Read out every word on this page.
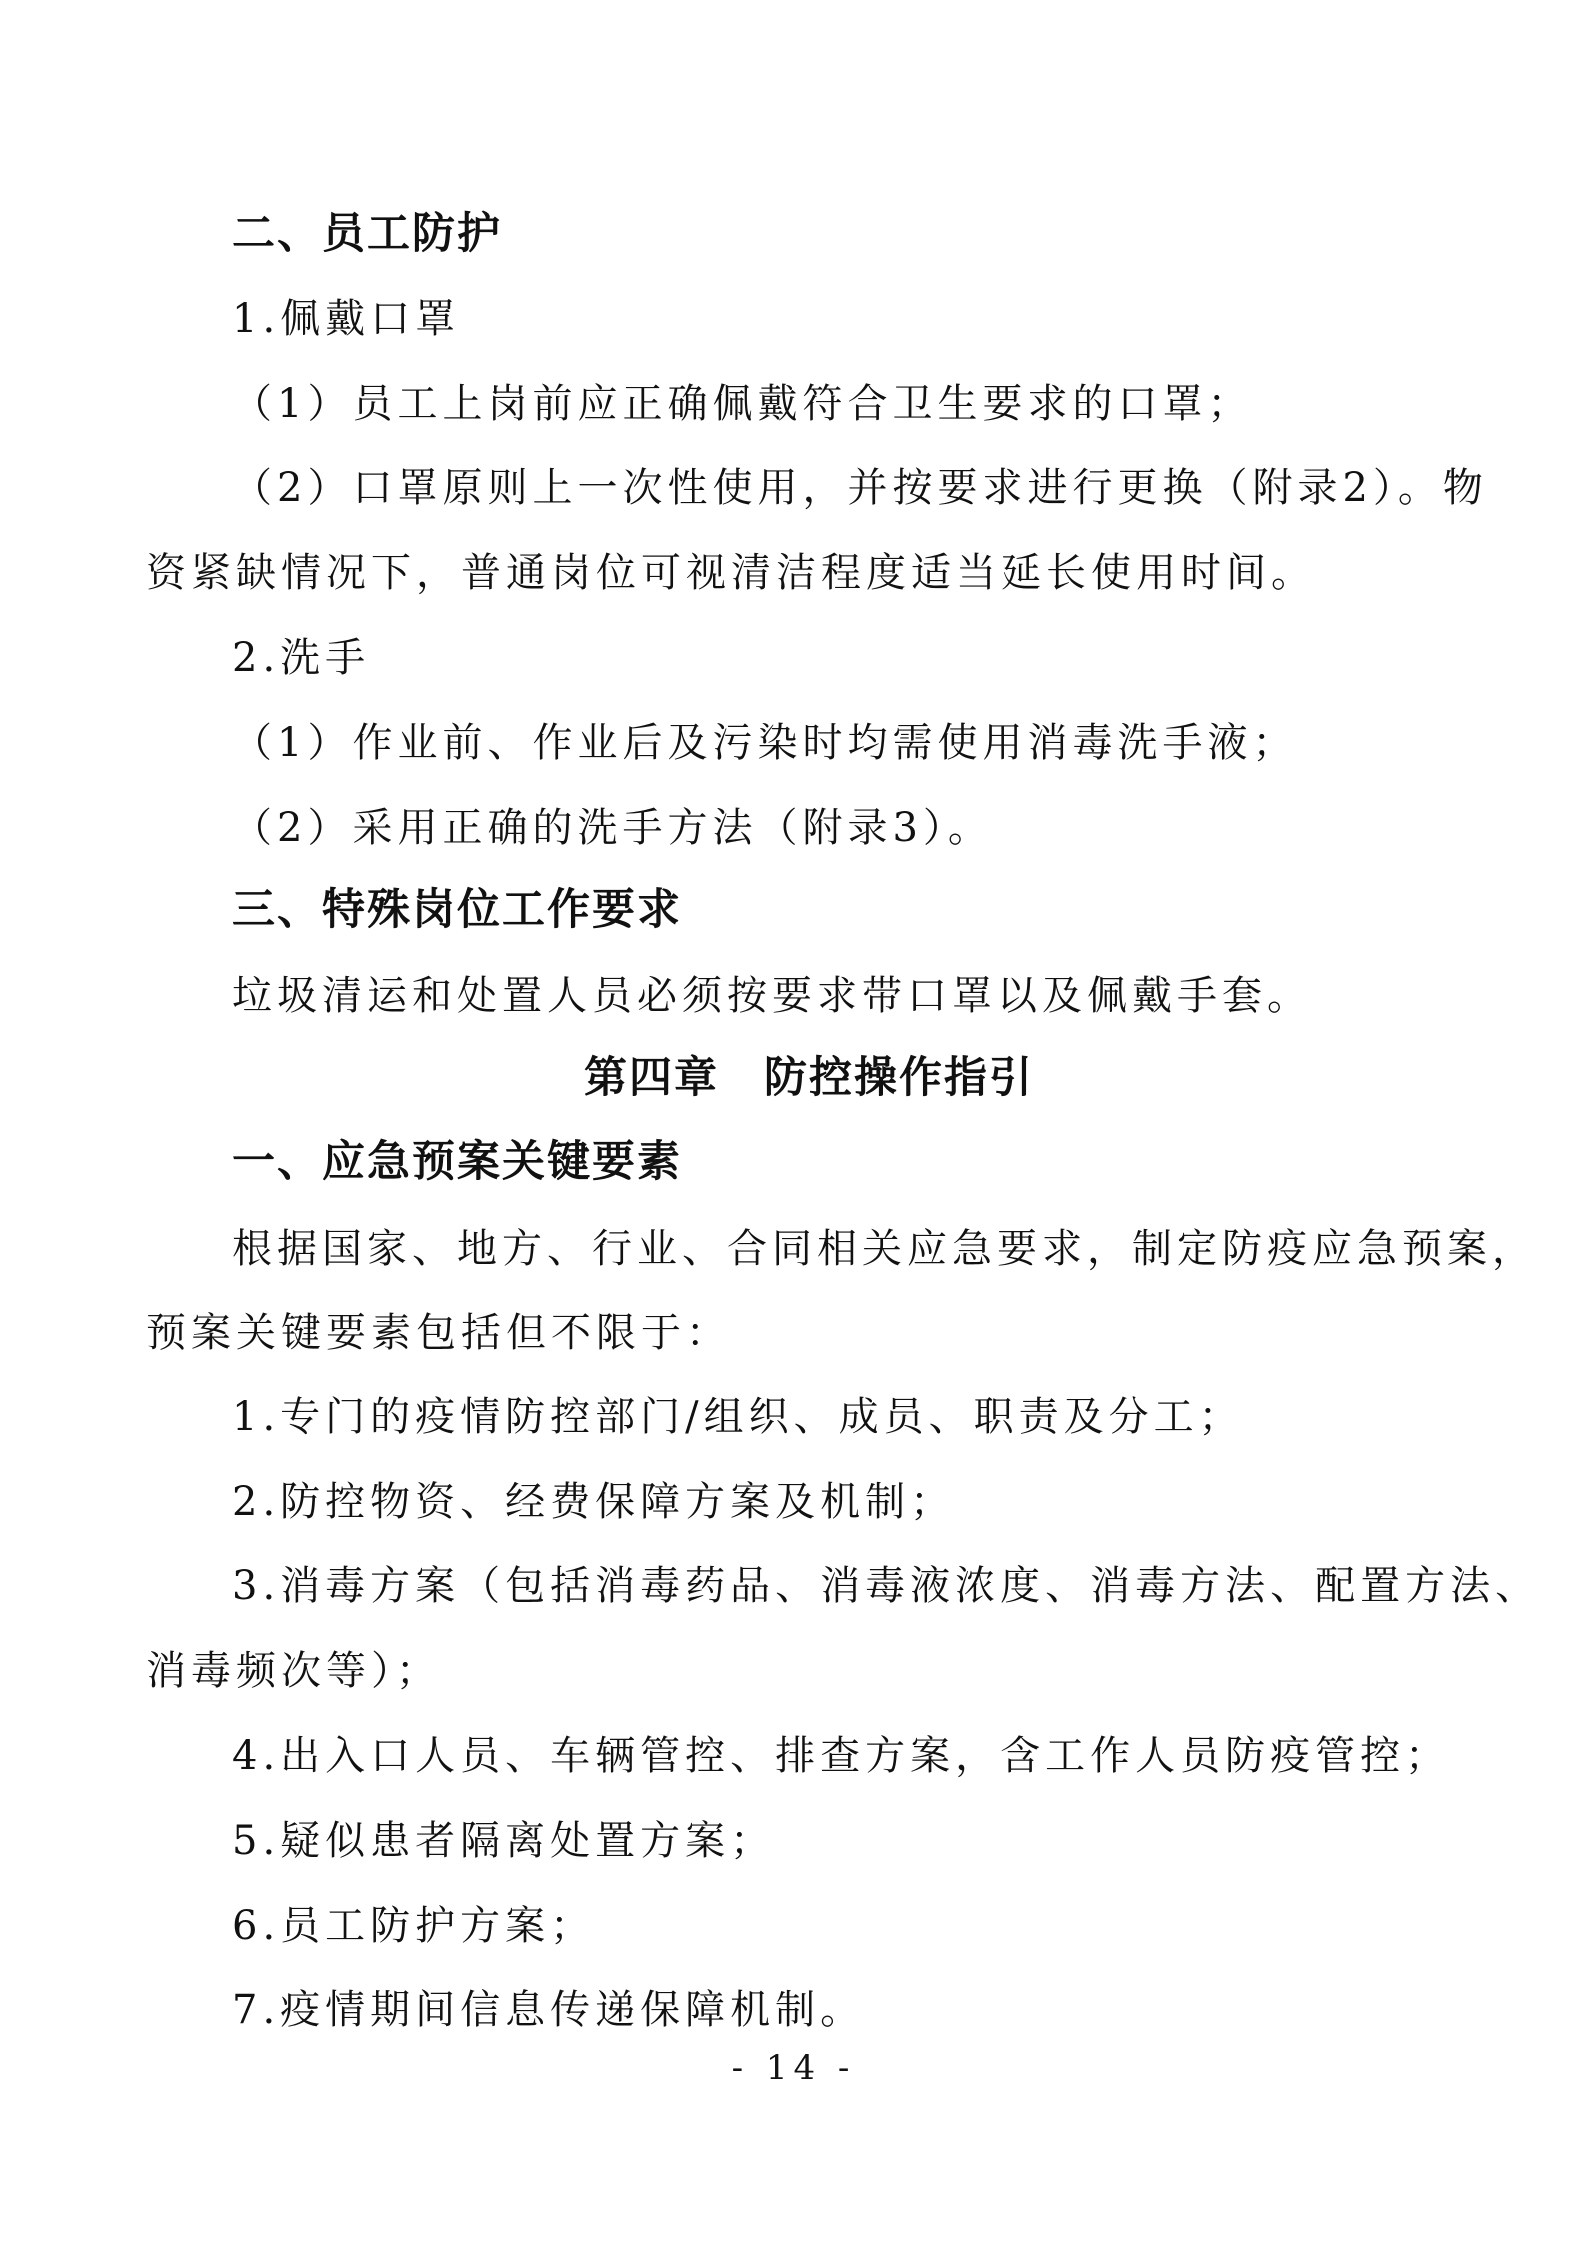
二、员工防护
1.佩戴口罩
（1）员工上岗前应正确佩戴符合卫生要求的口罩；
（2）口罩原则上一次性使用，并按要求进行更换（附录2）。物
资紧缺情况下，普通岗位可视清洁程度适当延长使用时间。
2.洗手
（1）作业前、作业后及污染时均需使用消毒洗手液；
（2）采用正确的洗手方法（附录3）。
三、特殊岗位工作要求
垃圾清运和处置人员必须按要求带口罩以及佩戴手套。
第四章　防控操作指引
一、应急预案关键要素
根据国家、地方、行业、合同相关应急要求，制定防疫应急预案，
预案关键要素包括但不限于：
1.专门的疫情防控部门/组织、成员、职责及分工；
2.防控物资、经费保障方案及机制；
3.消毒方案（包括消毒药品、消毒液浓度、消毒方法、配置方法、
消毒频次等）；
4.出入口人员、车辆管控、排查方案，含工作人员防疫管控；
5.疑似患者隔离处置方案；
6.员工防护方案；
7.疫情期间信息传递保障机制。
- 14 -
